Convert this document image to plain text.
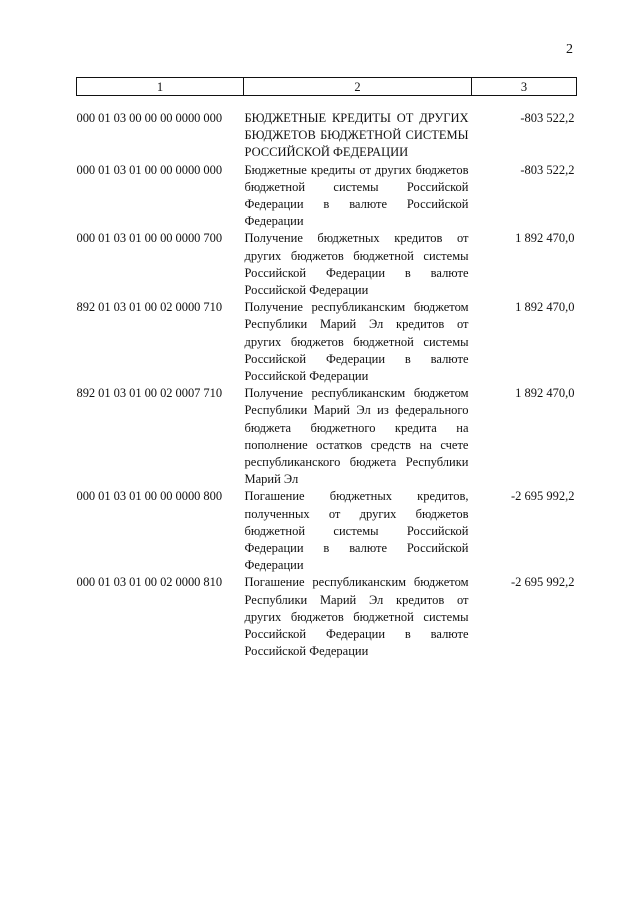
2
1	2	3

000 01 03 00 00 00 0000 000	БЮДЖЕТНЫЕ КРЕДИТЫ ОТ ДРУГИХ БЮДЖЕТОВ БЮДЖЕТНОЙ СИСТЕМЫ РОССИЙСКОЙ ФЕДЕРАЦИИ	-803 522,2
000 01 03 01 00 00 0000 000	Бюджетные кредиты от других бюджетов бюджетной системы Российской Федерации в валюте Российской Федерации	-803 522,2
000 01 03 01 00 00 0000 700	Получение бюджетных кредитов от других бюджетов бюджетной системы Российской Федерации в валюте Российской Федерации	1 892 470,0
892 01 03 01 00 02 0000 710	Получение республиканским бюджетом Республики Марий Эл кредитов от других бюджетов бюджетной системы Российской Федерации в валюте Российской Федерации	1 892 470,0
892 01 03 01 00 02 0007 710	Получение республиканским бюджетом Республики Марий Эл из федерального бюджета бюджетного кредита на пополнение остатков средств на счете республиканского бюджета Республики Марий Эл	1 892 470,0
000 01 03 01 00 00 0000 800	Погашение бюджетных кредитов, полученных от других бюджетов бюджетной системы Российской Федерации в валюте Российской Федерации	-2 695 992,2
000 01 03 01 00 02 0000 810	Погашение республиканским бюджетом Республики Марий Эл кредитов от других бюджетов бюджетной системы Российской Федерации в валюте Российской Федерации	-2 695 992,2
